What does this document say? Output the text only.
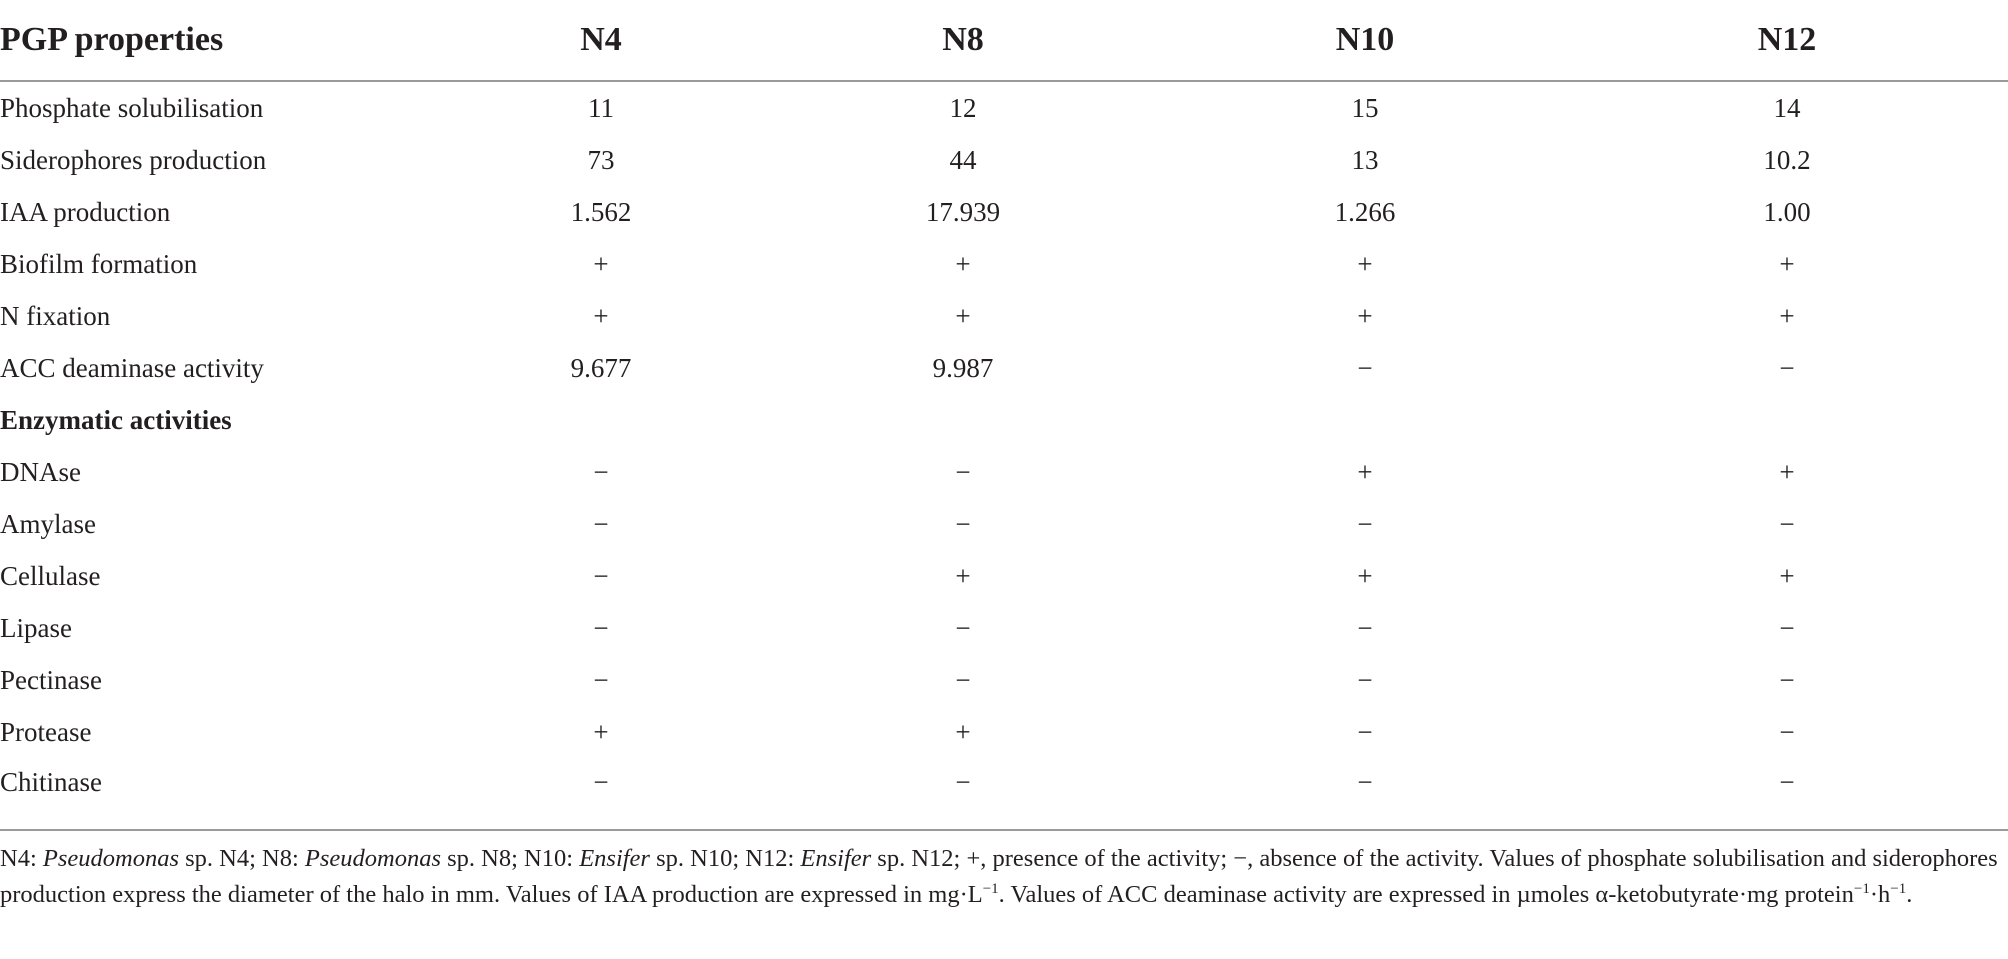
PGP properties	N4	N8	N10	N12
Phosphate solubilisation	11	12	15	14
Siderophores production	73	44	13	10.2
IAA production	1.562	17.939	1.266	1.00
Biofilm formation	+	+	+	+
N fixation	+	+	+	+
ACC deaminase activity	9.677	9.987	−	−
Enzymatic activities				
DNAse	−	−	+	+
Amylase	−	−	−	−
Cellulase	−	+	+	+
Lipase	−	−	−	−
Pectinase	−	−	−	−
Protease	+	+	−	−
Chitinase	−	−	−	−
N4: Pseudomonas sp. N4; N8: Pseudomonas sp. N8; N10: Ensifer sp. N10; N12: Ensifer sp. N12; +, presence of the activity; −, absence of the activity. Values of phosphate solubilisation and siderophores production express the diameter of the halo in mm. Values of IAA production are expressed in $mg\cdot L^{-1}$. Values of ACC deaminase activity are expressed in µmoles α-ketobutyrate·mg $protein^{-1}\cdot h^{-1}$.
